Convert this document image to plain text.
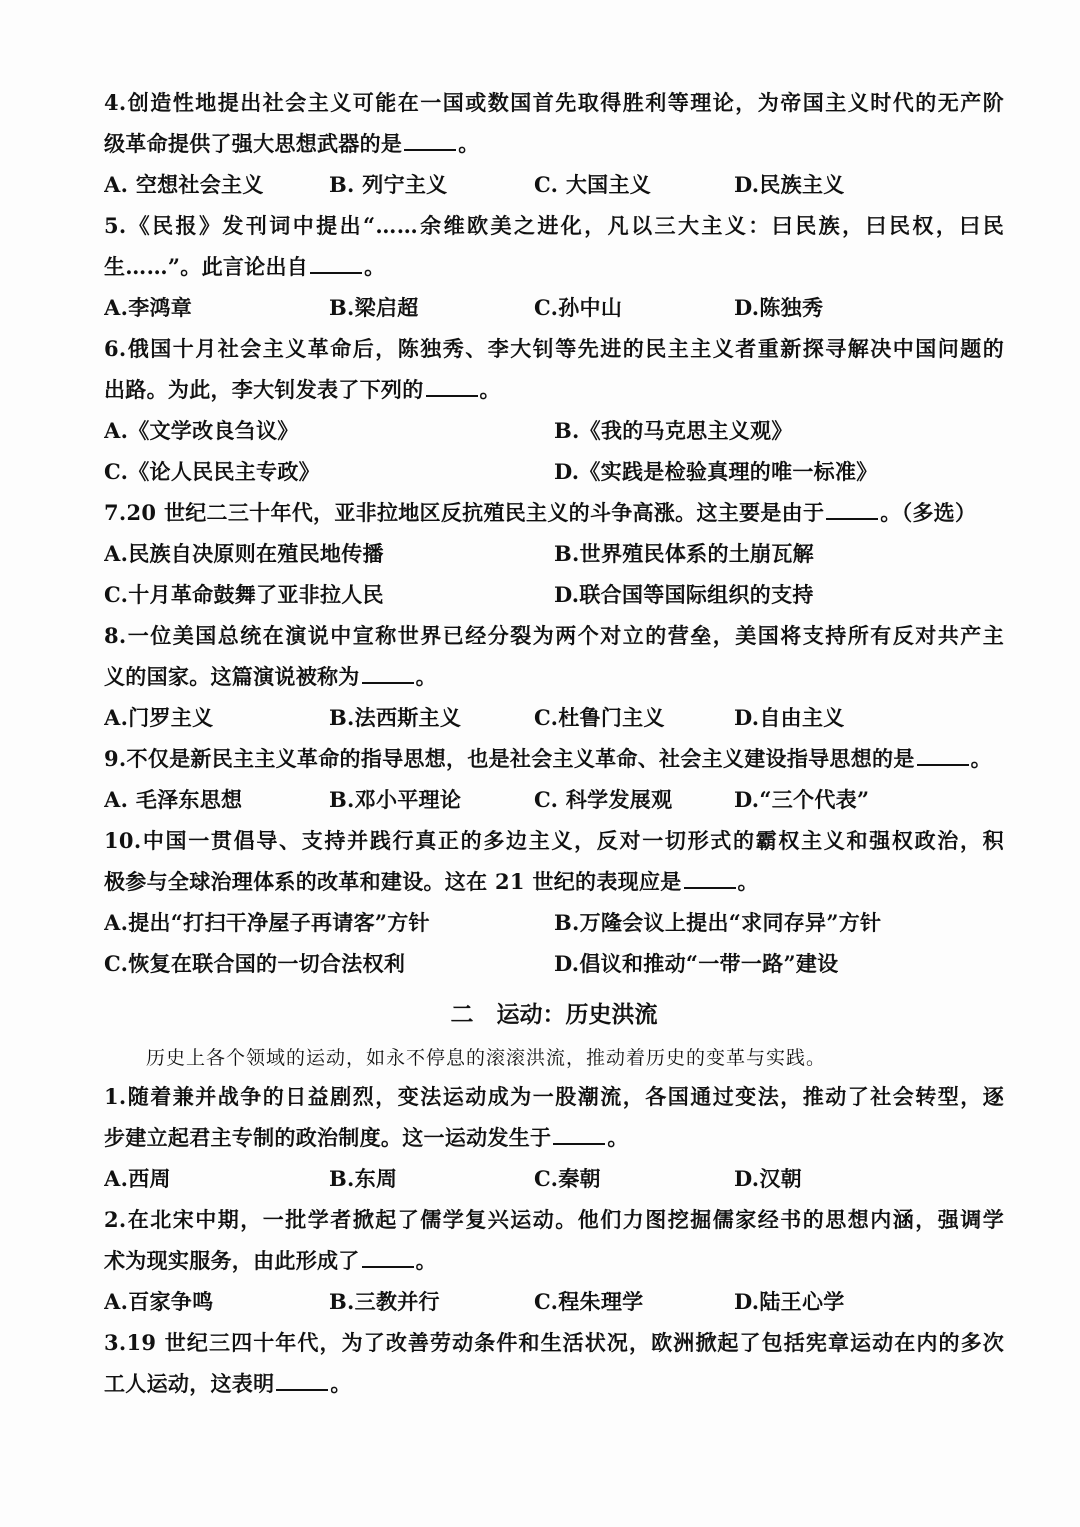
4.创造性地提出社会主义可能在一国或数国首先取得胜利等理论，为帝国主义时代的无产阶
级革命提供了强大思想武器的是	。
A. 空想社会主义	B. 列宁主义	C. 大国主义	D.民族主义
5.《民报》发刊词中提出“……余维欧美之进化，凡以三大主义：曰民族，曰民权，曰民
生……”。此言论出自	。
A.李鸿章	B.梁启超	C.孙中山	D.陈独秀
6.俄国十月社会主义革命后，陈独秀、李大钊等先进的民主主义者重新探寻解决中国问题的
出路。为此，李大钊发表了下列的	。
A.《文学改良刍议》	B.《我的马克思主义观》
C.《论人民民主专政》	D.《实践是检验真理的唯一标准》
7.20 世纪二三十年代，亚非拉地区反抗殖民主义的斗争高涨。这主要是由于	。（多选）
A.民族自决原则在殖民地传播	B.世界殖民体系的土崩瓦解
C.十月革命鼓舞了亚非拉人民	D.联合国等国际组织的支持
8.一位美国总统在演说中宣称世界已经分裂为两个对立的营垒，美国将支持所有反对共产主
义的国家。这篇演说被称为	。
A.门罗主义	B.法西斯主义	C.杜鲁门主义	D.自由主义
9.不仅是新民主主义革命的指导思想，也是社会主义革命、社会主义建设指导思想的是	。
A. 毛泽东思想	B.邓小平理论	C. 科学发展观	D.“三个代表”
10.中国一贯倡导、支持并践行真正的多边主义，反对一切形式的霸权主义和强权政治，积
极参与全球治理体系的改革和建设。这在 21 世纪的表现应是	。
A.提出“打扫干净屋子再请客”方针	B.万隆会议上提出“求同存异”方针
C.恢复在联合国的一切合法权利	D.倡议和推动“一带一路”建设
二　运动：历史洪流
历史上各个领域的运动，如永不停息的滚滚洪流，推动着历史的变革与实践。
1.随着兼并战争的日益剧烈，变法运动成为一股潮流，各国通过变法，推动了社会转型，逐
步建立起君主专制的政治制度。这一运动发生于	。
A.西周	B.东周	C.秦朝	D.汉朝
2.在北宋中期，一批学者掀起了儒学复兴运动。他们力图挖掘儒家经书的思想内涵，强调学
术为现实服务，由此形成了	。
A.百家争鸣	B.三教并行	C.程朱理学	D.陆王心学
3.19 世纪三四十年代，为了改善劳动条件和生活状况，欧洲掀起了包括宪章运动在内的多次
工人运动，这表明	。
